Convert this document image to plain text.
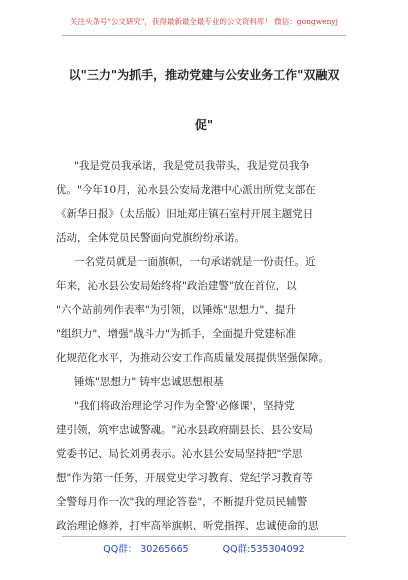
关注头条号"公文研究"，获得最新最全最专业的公文资料库！ 微信：gongwenyj
以"三力"为抓手，推动党建与公安业务工作"双融双
促"
"我是党员我承诺，我是党员我带头，我是党员我争
优。"今年10月，沁水县公安局龙港中心派出所党支部在
《新华日报》（太岳版）旧址郑庄镇石室村开展主题党日
活动，全体党员民警面向党旗纷纷承诺。
一名党员就是一面旗帜，一句承诺就是一份责任。近
年来，沁水县公安局始终将"政治建警"放在首位，以
"六个站前列作表率"为引领，以锤炼"思想力"、提升
"组织力"、增强"战斗力"为抓手，全面提升党建标准
化规范化水平，为推动公安工作高质量发展提供坚强保障。
锤炼"思想力" 铸牢忠诚思想根基
"我们将政治理论学习作为全警'必修课'，坚持党
建引领，筑牢忠诚警魂。"沁水县政府副县长、县公安局
党委书记、局长刘勇表示。沁水县公安局坚持把"学思
想"作为第一任务，开展党史学习教育、党纪学习教育等
全警每月作一次"我的理论答卷"，不断提升党员民辅警
政治理论修养，打牢高举旗帜、听党指挥、忠诚使命的思
QQ群： 30265665	QQ群:535304092
